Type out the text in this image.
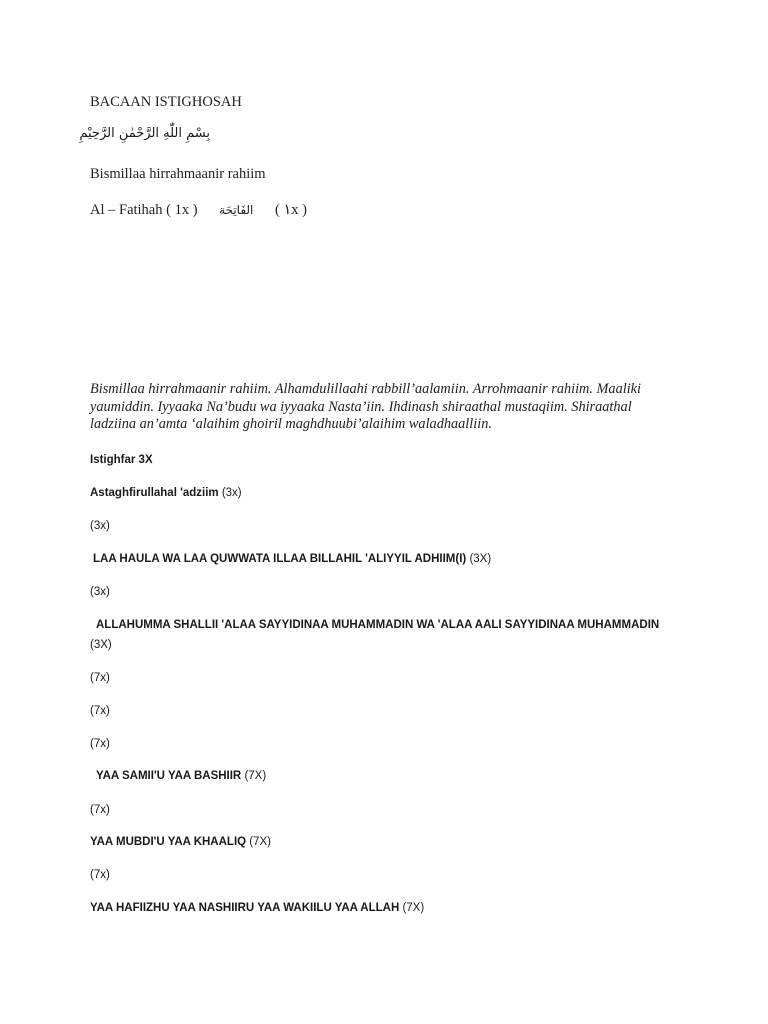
BACAAN ISTIGHOSAH
بِسْمِ اللّٰهِ الرَّحْمٰنِ الرَّحِيْمِ
Bismillaa hirrahmaanir rahiim
Al – Fatihah ( 1x ) الفَاتِحَة ( ١x )
Bismillaa hirrahmaanir rahiim. Alhamdulillaahi rabbill’aalamiin. Arrohmaanir rahiim. Maaliki yaumiddin. Iyyaaka Na’budu wa iyyaaka Nasta’iin. Ihdinash shiraathal mustaqiim. Shiraathal ladziina an’amta ‘alaihim ghoiril maghdhuubi’alaihim waladhaalliin.
Istighfar 3X
Astaghfirullahal 'adziim (3x)
(3x)
LAA HAULA WA LAA QUWWATA ILLAA BILLAHIL 'ALIYYIL ADHIIM(I) (3X)
(3x)
ALLAHUMMA SHALLII 'ALAA SAYYIDINAA MUHAMMADIN WA 'ALAA AALI SAYYIDINAA MUHAMMADIN
(3X)
(7x)
(7x)
(7x)
YAA SAMII'U YAA BASHIIR (7X)
(7x)
YAA MUBDI'U YAA KHAALIQ (7X)
(7x)
YAA HAFIIZHU YAA NASHIIRU YAA WAKIILU YAA ALLAH (7X)
